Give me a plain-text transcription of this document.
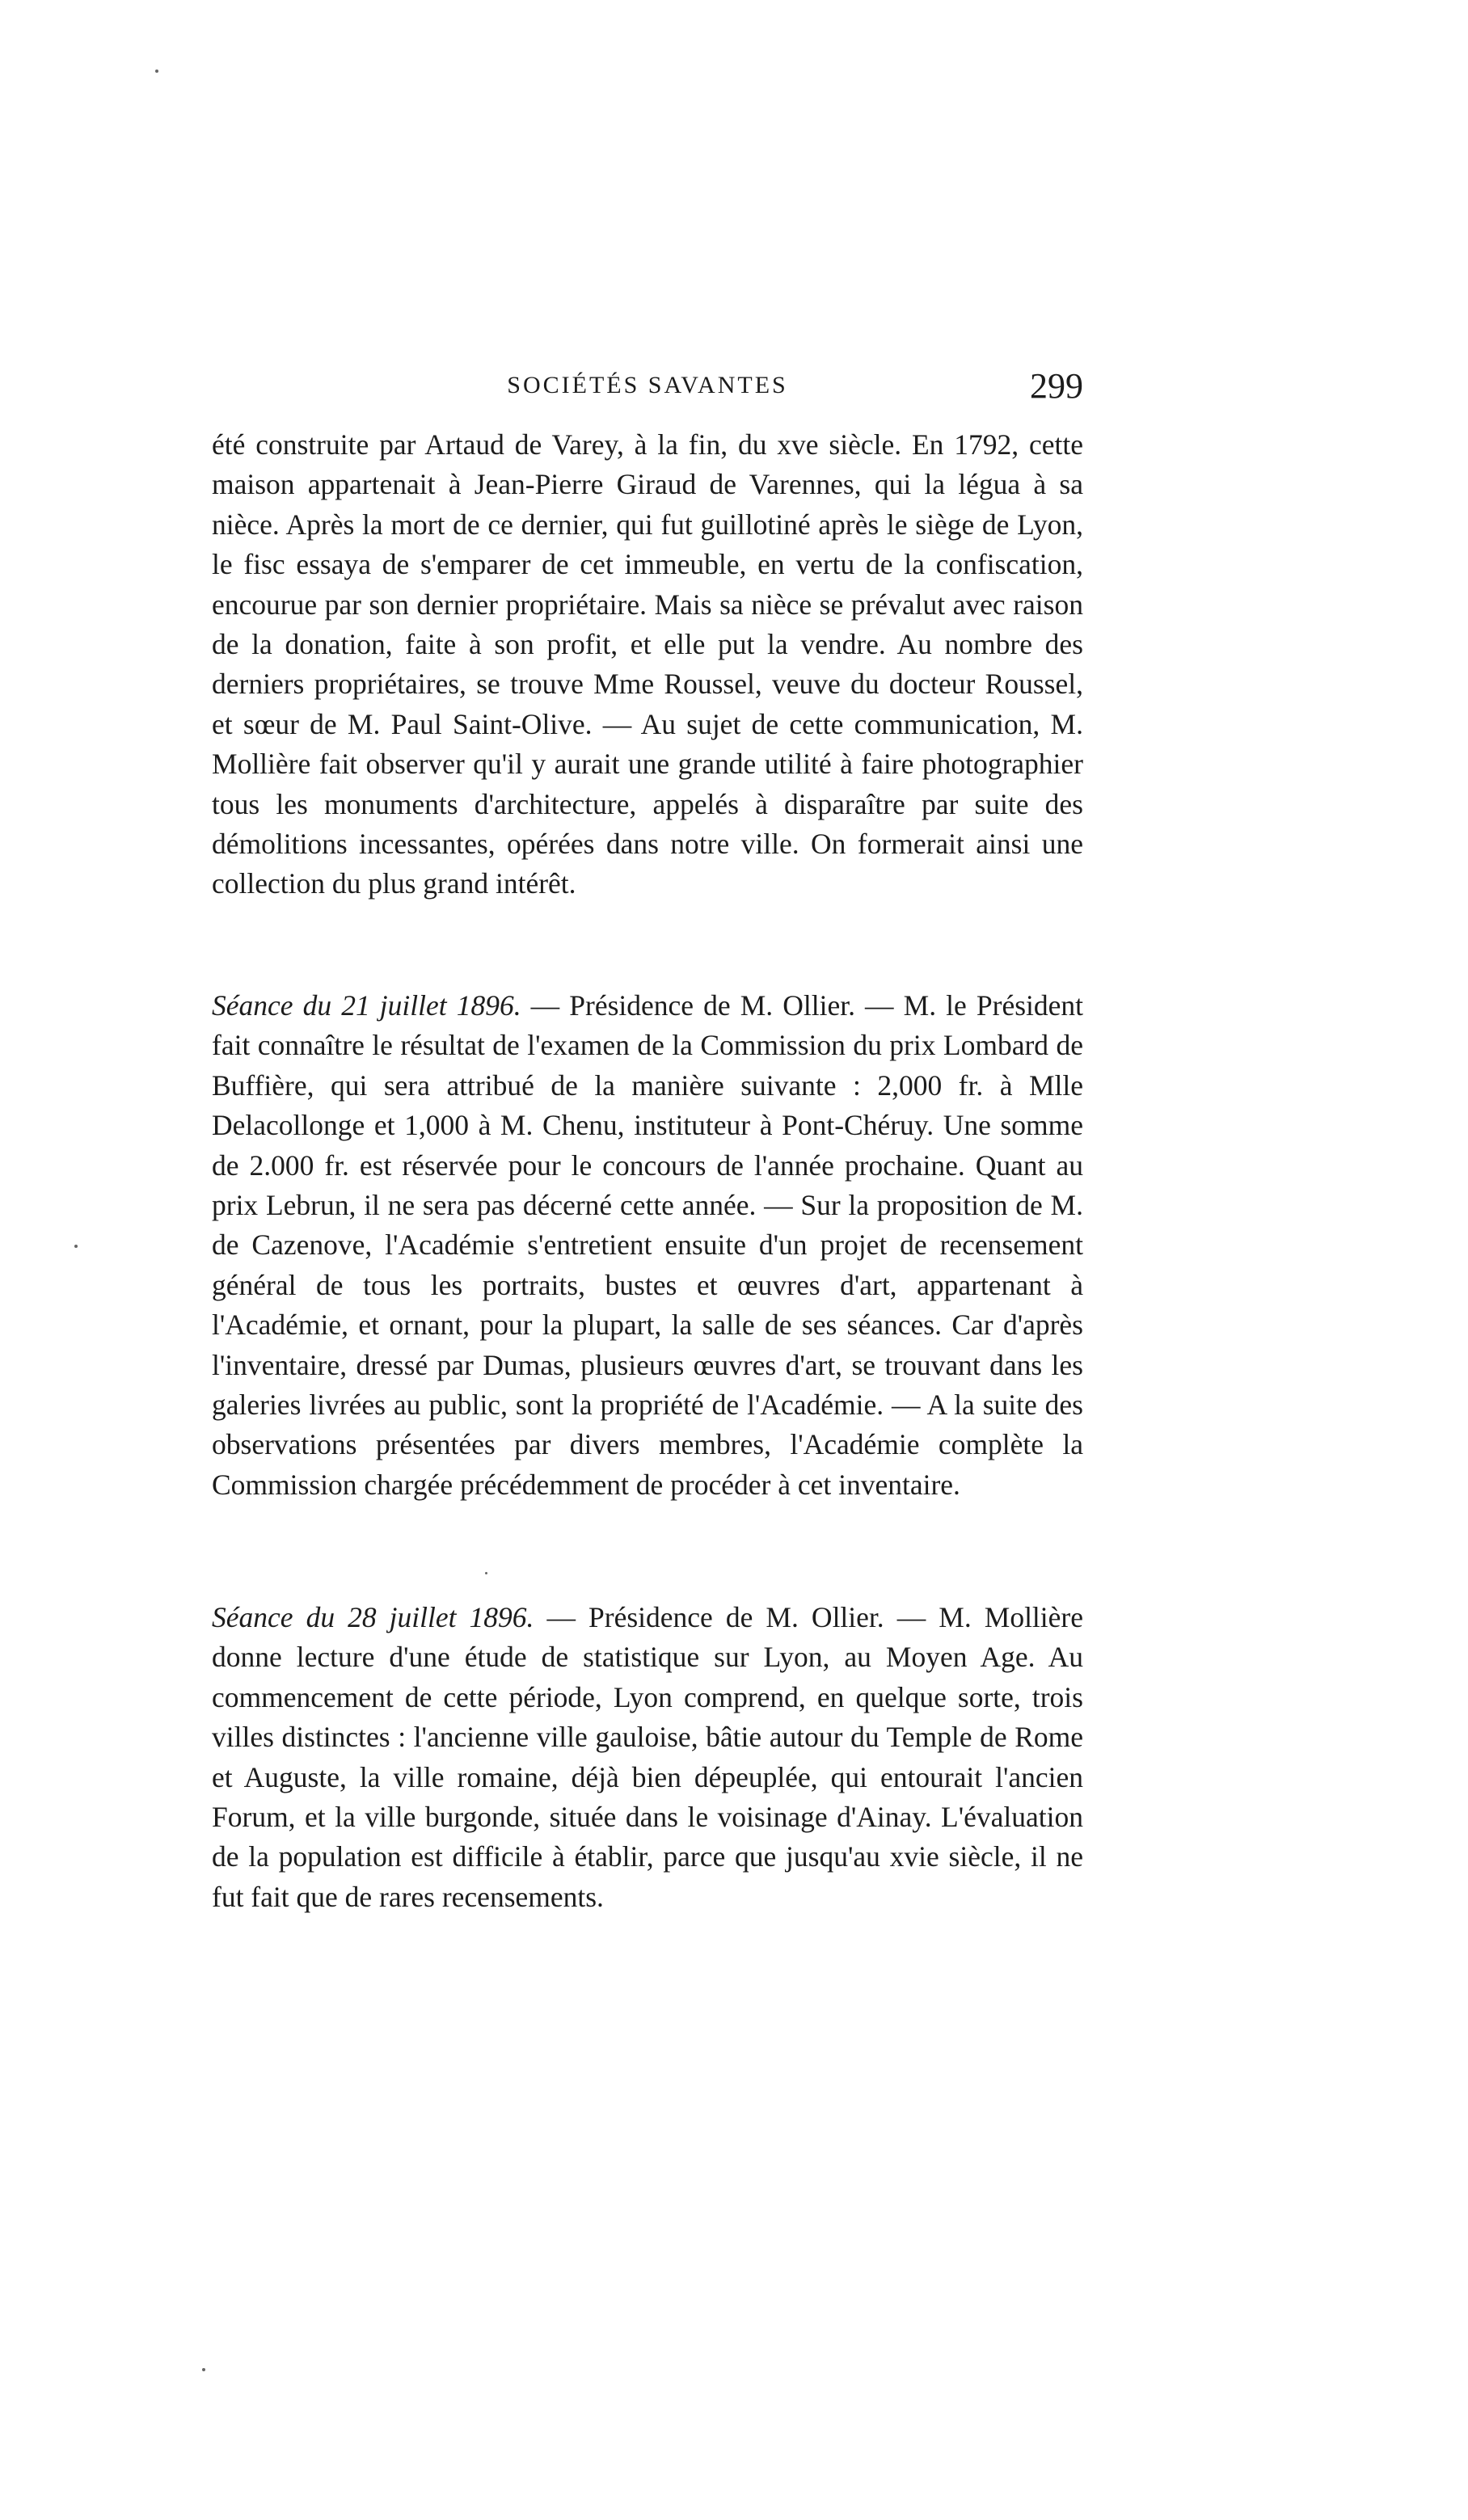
SOCIÉTÉS SAVANTES	299

été construite par Artaud de Varey, à la fin, du xve siècle. En 1792, cette maison appartenait à Jean-Pierre Giraud de Varennes, qui la légua à sa nièce. Après la mort de ce dernier, qui fut guillotiné après le siège de Lyon, le fisc essaya de s'emparer de cet immeuble, en vertu de la confiscation, encourue par son dernier propriétaire. Mais sa nièce se prévalut avec raison de la donation, faite à son profit, et elle put la vendre. Au nombre des derniers propriétaires, se trouve Mme Roussel, veuve du docteur Roussel, et sœur de M. Paul Saint-Olive. — Au sujet de cette communication, M. Mollière fait observer qu'il y aurait une grande utilité à faire photographier tous les monuments d'architecture, appelés à disparaître par suite des démolitions incessantes, opérées dans notre ville. On formerait ainsi une collection du plus grand intérêt.

Séance du 21 juillet 1896. — Présidence de M. Ollier. — M. le Président fait connaître le résultat de l'examen de la Commission du prix Lombard de Buffière, qui sera attribué de la manière suivante : 2,000 fr. à Mlle Delacollonge et 1,000 à M. Chenu, instituteur à Pont-Chéruy. Une somme de 2.000 fr. est réservée pour le concours de l'année prochaine. Quant au prix Lebrun, il ne sera pas décerné cette année. — Sur la proposition de M. de Cazenove, l'Académie s'entretient ensuite d'un projet de recensement général de tous les portraits, bustes et œuvres d'art, appartenant à l'Académie, et ornant, pour la plupart, la salle de ses séances. Car d'après l'inventaire, dressé par Dumas, plusieurs œuvres d'art, se trouvant dans les galeries livrées au public, sont la propriété de l'Académie. — A la suite des observations présentées par divers membres, l'Académie complète la Commission chargée précédemment de procéder à cet inventaire.

Séance du 28 juillet 1896. — Présidence de M. Ollier. — M. Mollière donne lecture d'une étude de statistique sur Lyon, au Moyen Age. Au commencement de cette période, Lyon comprend, en quelque sorte, trois villes distinctes : l'ancienne ville gauloise, bâtie autour du Temple de Rome et Auguste, la ville romaine, déjà bien dépeuplée, qui entourait l'ancien Forum, et la ville burgonde, située dans le voisinage d'Ainay. L'évaluation de la population est difficile à établir, parce que jusqu'au xvie siècle, il ne fut fait que de rares recensements.
